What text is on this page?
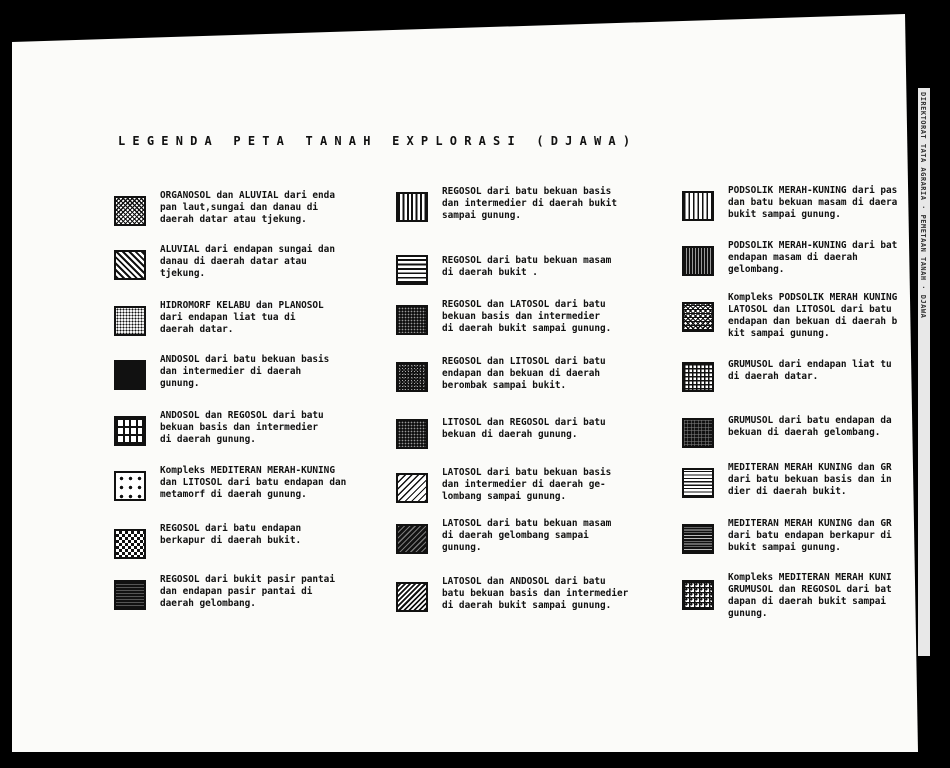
DIREKTORAT TATA AGRARIA · PEMETAAN TANAH · DJAWA
LEGENDA PETA TANAH EXPLORASI (DJAWA)
ORGANOSOL dan ALUVIAL dari enda
pan laut,sungai dan danau di
daerah datar atau tjekung.
ALUVIAL dari endapan sungai dan
danau di daerah datar atau
tjekung.
HIDROMORF KELABU dan PLANOSOL
dari endapan liat tua di
daerah datar.
ANDOSOL dari batu bekuan basis
dan intermedier di daerah
gunung.
ANDOSOL dan REGOSOL dari batu
bekuan basis dan intermedier
di daerah gunung.
Kompleks MEDITERAN MERAH-KUNING
dan LITOSOL dari batu endapan dan
metamorf di daerah gunung.
REGOSOL dari batu endapan
berkapur di daerah bukit.
REGOSOL dari bukit pasir pantai
dan endapan pasir pantai di
daerah gelombang.
REGOSOL dari batu bekuan basis
dan intermedier di daerah bukit
sampai gunung.
REGOSOL dari batu bekuan masam
di daerah bukit .
REGOSOL dan LATOSOL dari batu
bekuan basis dan intermedier
di daerah bukit sampai gunung.
REGOSOL dan LITOSOL dari batu
endapan dan bekuan di daerah
berombak sampai bukit.
LITOSOL dan REGOSOL dari batu
bekuan di daerah gunung.
LATOSOL dari batu bekuan basis
dan intermedier di daerah ge-
lombang sampai gunung.
LATOSOL dari batu bekuan masam
di daerah gelombang sampai
gunung.
LATOSOL dan ANDOSOL dari batu
batu bekuan basis dan intermedier
di daerah bukit sampai gunung.
PODSOLIK MERAH-KUNING dari pas
dan batu bekuan masam di daera
bukit sampai gunung.
PODSOLIK MERAH-KUNING dari bat
endapan masam di daerah
gelombang.
Kompleks PODSOLIK MERAH KUNING
LATOSOL dan LITOSOL dari batu
endapan dan bekuan di daerah b
kit sampai gunung.
GRUMUSOL dari endapan liat tu
di daerah datar.
GRUMUSOL dari batu endapan da
bekuan di daerah gelombang.
MEDITERAN MERAH KUNING dan GR
dari batu bekuan basis dan in
dier di daerah bukit.
MEDITERAN MERAH KUNING dan GR
dari batu endapan berkapur di
bukit sampai gunung.
Kompleks MEDITERAN MERAH KUNI
GRUMUSOL dan REGOSOL dari bat
dapan di daerah bukit sampai
gunung.
